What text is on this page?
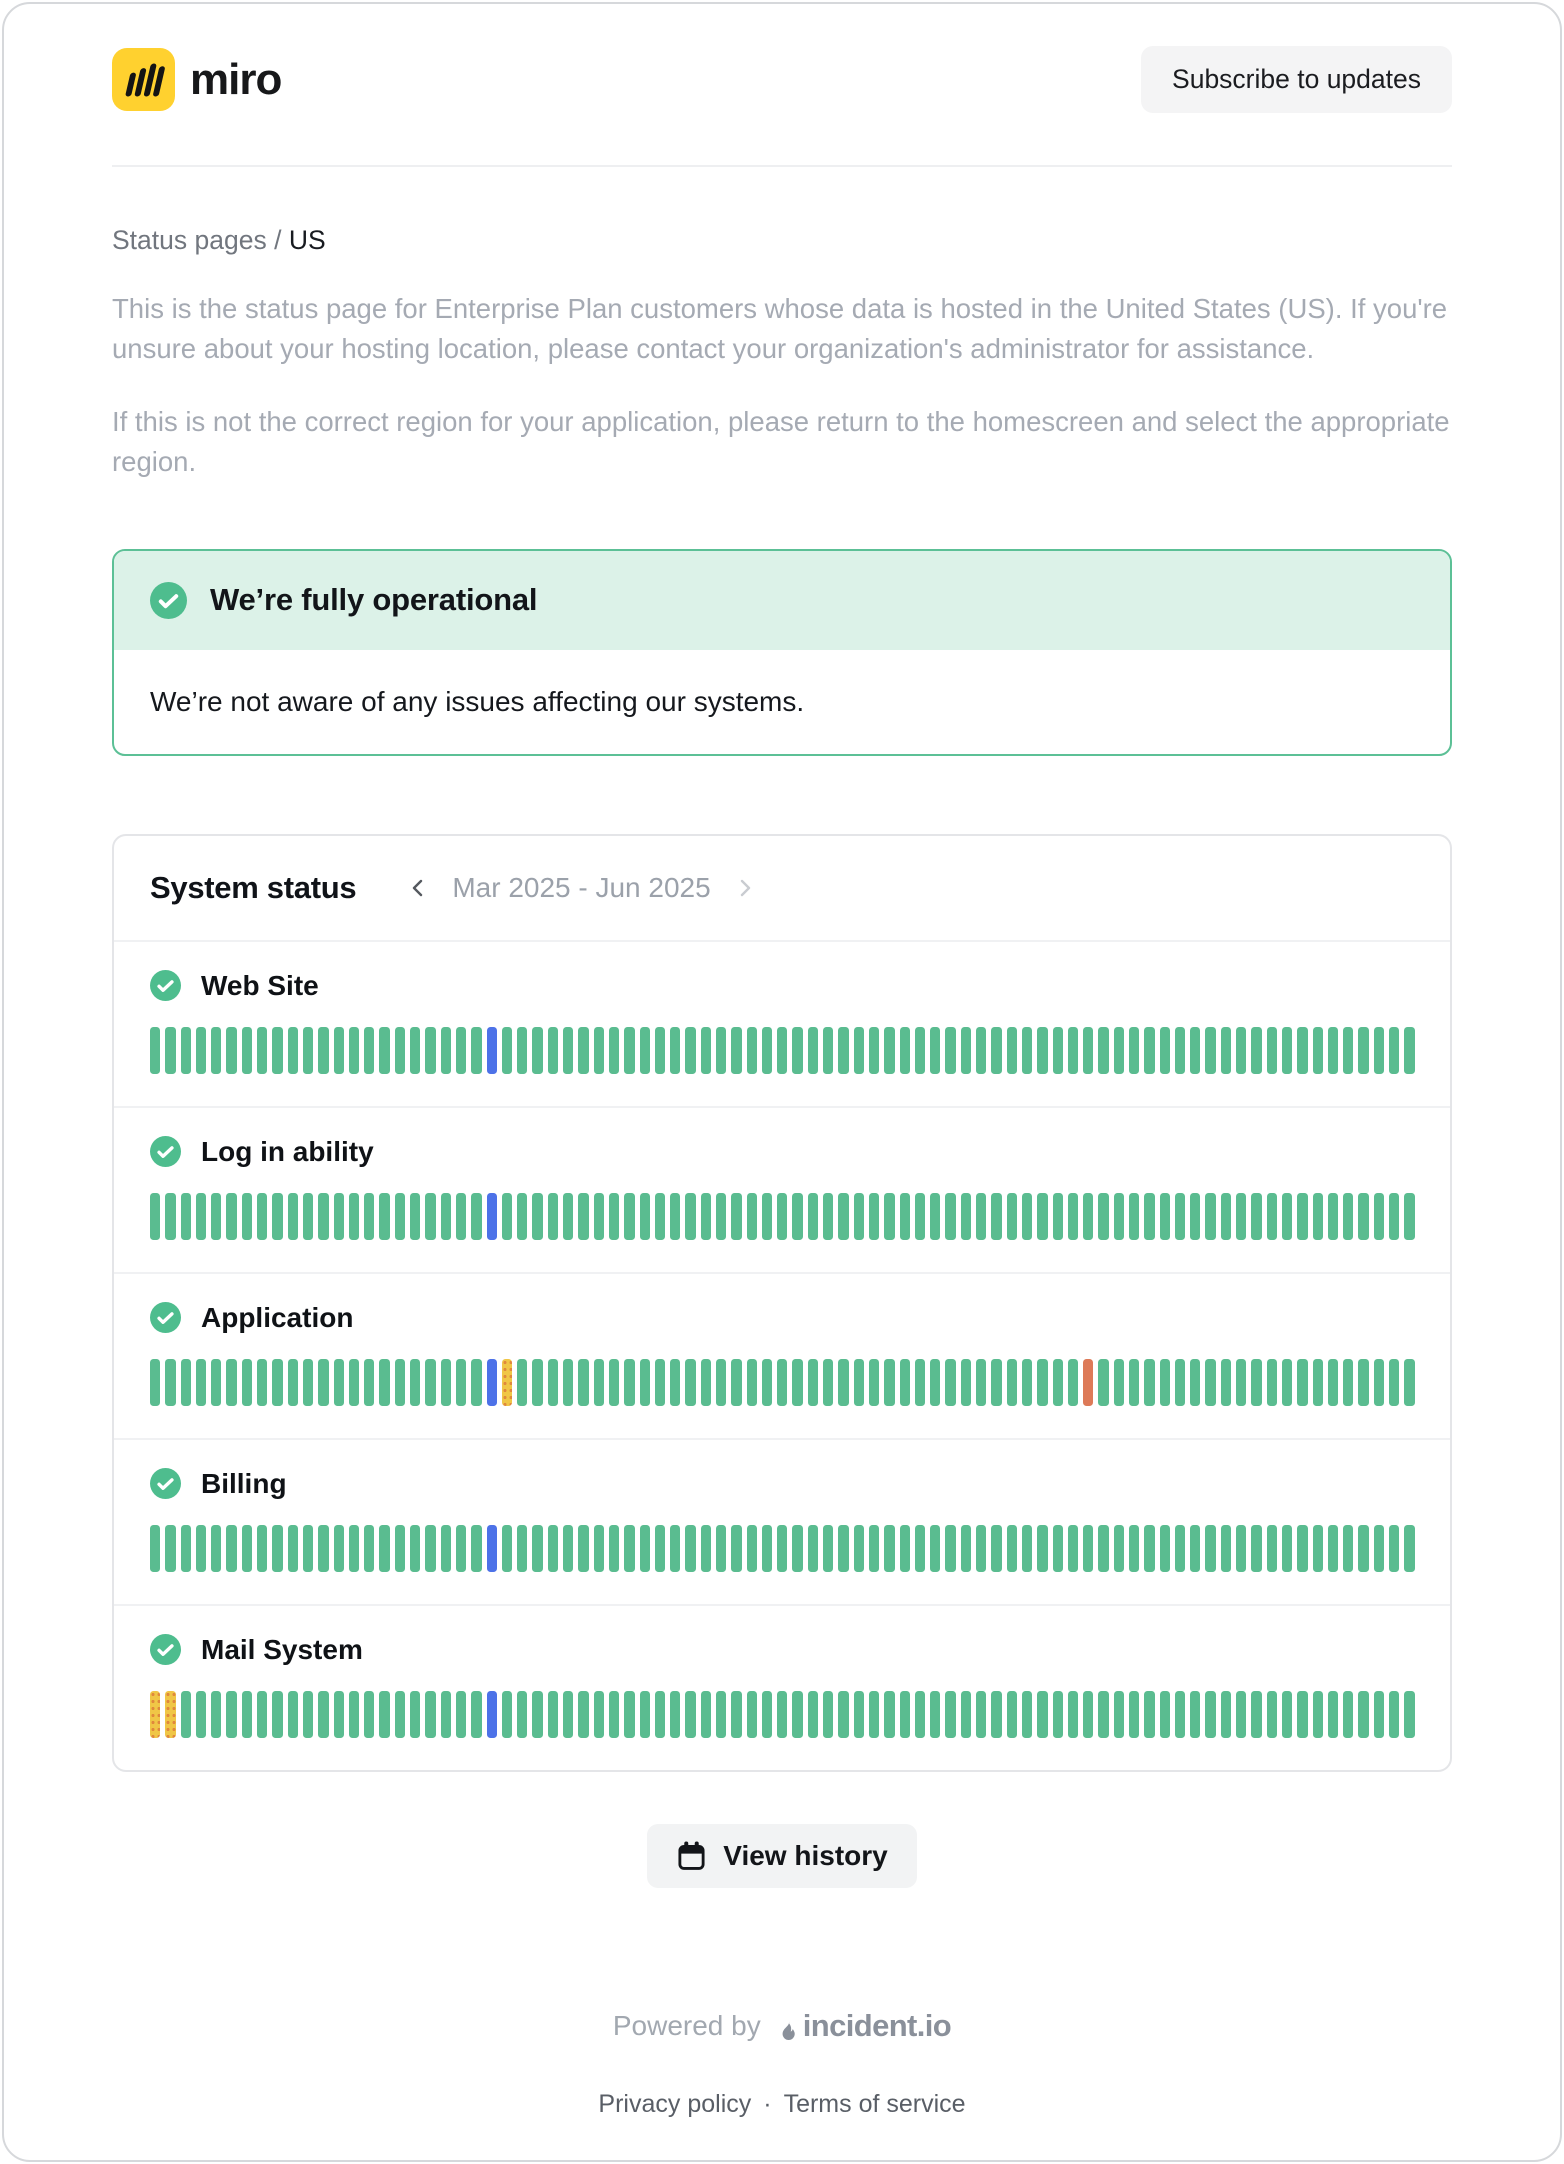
miro	Subscribe to updates
Status pages / US

This is the status page for Enterprise Plan customers whose data is hosted in the United States (US). If you're unsure about your hosting location, please contact your organization's administrator for assistance.

If this is not the correct region for your application, please return to the homescreen and select the appropriate region.

We’re fully operational
We’re not aware of any issues affecting our systems.
System status	Mar 2025 - Jun 2025
Web Site
Log in ability
Application
Billing
Mail System
View history
Powered by incident.io
Privacy policy · Terms of service
